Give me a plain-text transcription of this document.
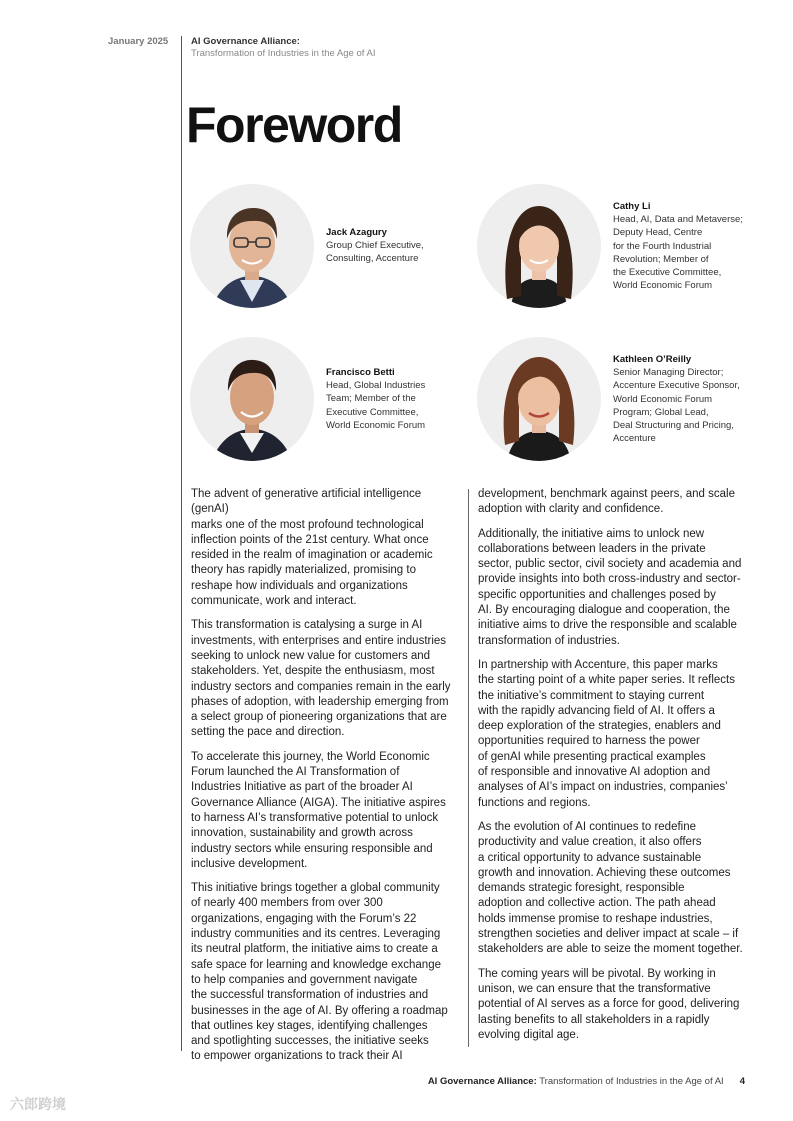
January 2025 AI Governance Alliance:
Transformation of Industries in the Age of AI
Foreword
Jack Azagury
Group Chief Executive,
Consulting, Accenture
Cathy Li
Head, AI, Data and Metaverse;
Deputy Head, Centre
for the Fourth Industrial
Revolution; Member of
the Executive Committee,
World Economic Forum
Francisco Betti
Head, Global Industries
Team; Member of the
Executive Committee,
World Economic Forum
Kathleen O’Reilly
Senior Managing Director;
Accenture Executive Sponsor,
World Economic Forum
Program; Global Lead,
Deal Structuring and Pricing,
Accenture

The advent of generative artificial intelligence (genAI)
marks one of the most profound technological
inflection points of the 21st century. What once
resided in the realm of imagination or academic
theory has rapidly materialized, promising to
reshape how individuals and organizations
communicate, work and interact.

This transformation is catalysing a surge in AI
investments, with enterprises and entire industries
seeking to unlock new value for customers and
stakeholders. Yet, despite the enthusiasm, most
industry sectors and companies remain in the early
phases of adoption, with leadership emerging from
a select group of pioneering organizations that are
setting the pace and direction.

To accelerate this journey, the World Economic
Forum launched the AI Transformation of
Industries Initiative as part of the broader AI
Governance Alliance (AIGA). The initiative aspires
to harness AI’s transformative potential to unlock
innovation, sustainability and growth across
industry sectors while ensuring responsible and
inclusive development.

This initiative brings together a global community
of nearly 400 members from over 300
organizations, engaging with the Forum’s 22
industry communities and its centres. Leveraging
its neutral platform, the initiative aims to create a
safe space for learning and knowledge exchange
to help companies and government navigate
the successful transformation of industries and
businesses in the age of AI. By offering a roadmap
that outlines key stages, identifying challenges
and spotlighting successes, the initiative seeks
to empower organizations to track their AI

development, benchmark against peers, and scale
adoption with clarity and confidence.

Additionally, the initiative aims to unlock new
collaborations between leaders in the private
sector, public sector, civil society and academia and
provide insights into both cross-industry and sector-
specific opportunities and challenges posed by
AI. By encouraging dialogue and cooperation, the
initiative aims to drive the responsible and scalable
transformation of industries.

In partnership with Accenture, this paper marks
the starting point of a white paper series. It reflects
the initiative’s commitment to staying current
with the rapidly advancing field of AI. It offers a
deep exploration of the strategies, enablers and
opportunities required to harness the power
of genAI while presenting practical examples
of responsible and innovative AI adoption and
analyses of AI’s impact on industries, companies’
functions and regions.

As the evolution of AI continues to redefine
productivity and value creation, it also offers
a critical opportunity to advance sustainable
growth and innovation. Achieving these outcomes
demands strategic foresight, responsible
adoption and collective action. The path ahead
holds immense promise to reshape industries,
strengthen societies and deliver impact at scale – if
stakeholders are able to seize the moment together.

The coming years will be pivotal. By working in
unison, we can ensure that the transformative
potential of AI serves as a force for good, delivering
lasting benefits to all stakeholders in a rapidly
evolving digital age.

AI Governance Alliance: Transformation of Industries in the Age of AI 4
六郎跨境
